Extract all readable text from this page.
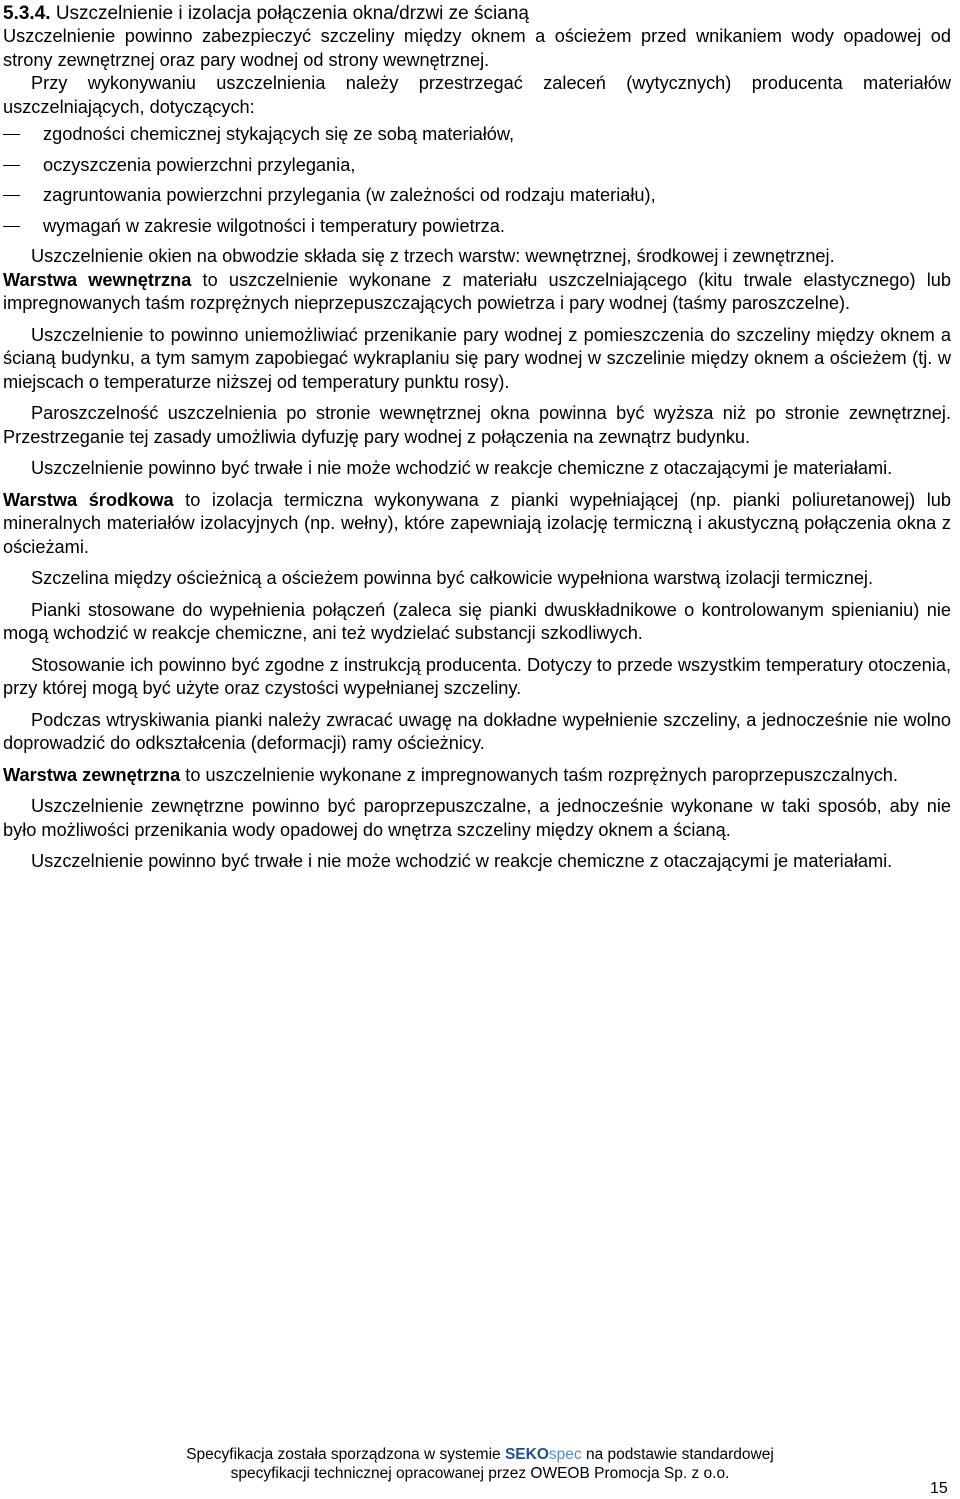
5.3.4. Uszczelnienie i izolacja połączenia okna/drzwi ze ścianą

Uszczelnienie powinno zabezpieczyć szczeliny między oknem a ościeżem przed wnikaniem wody opadowej od strony zewnętrznej oraz pary wodnej od strony wewnętrznej.

Przy wykonywaniu uszczelnienia należy przestrzegać zaleceń (wytycznych) producenta materiałów uszczelniających, dotyczących:

zgodności chemicznej stykających się ze sobą materiałów,
oczyszczenia powierzchni przylegania,
zagruntowania powierzchni przylegania (w zależności od rodzaju materiału),
wymagań w zakresie wilgotności i temperatury powietrza.

Uszczelnienie okien na obwodzie składa się z trzech warstw: wewnętrznej, środkowej i zewnętrznej.

Warstwa wewnętrzna to uszczelnienie wykonane z materiału uszczelniającego (kitu trwale elastycznego) lub impregnowanych taśm rozprężnych nieprzepuszczających powietrza i pary wodnej (taśmy paroszczelne).

Uszczelnienie to powinno uniemożliwiać przenikanie pary wodnej z pomieszczenia do szczeliny między oknem a ścianą budynku, a tym samym zapobiegać wykraplaniu się pary wodnej w szczelinie między oknem a ościeżem (tj. w miejscach o temperaturze niższej od temperatury punktu rosy).

Paroszczelność uszczelnienia po stronie wewnętrznej okna powinna być wyższa niż po stronie zewnętrznej. Przestrzeganie tej zasady umożliwia dyfuzję pary wodnej z połączenia na zewnątrz budynku.

Uszczelnienie powinno być trwałe i nie może wchodzić w reakcje chemiczne z otaczającymi je materiałami.

Warstwa środkowa to izolacja termiczna wykonywana z pianki wypełniającej (np. pianki poliuretanowej) lub mineralnych materiałów izolacyjnych (np. wełny), które zapewniają izolację termiczną i akustyczną połączenia okna z ościeżami.

Szczelina między ościeżnicą a ościeżem powinna być całkowicie wypełniona warstwą izolacji termicznej.

Pianki stosowane do wypełnienia połączeń (zaleca się pianki dwuskładnikowe o kontrolowanym spienianiu) nie mogą wchodzić w reakcje chemiczne, ani też wydzielać substancji szkodliwych.

Stosowanie ich powinno być zgodne z instrukcją producenta. Dotyczy to przede wszystkim temperatury otoczenia, przy której mogą być użyte oraz czystości wypełnianej szczeliny.

Podczas wtryskiwania pianki należy zwracać uwagę na dokładne wypełnienie szczeliny, a jednocześnie nie wolno doprowadzić do odkształcenia (deformacji) ramy ościeżnicy.

Warstwa zewnętrzna to uszczelnienie wykonane z impregnowanych taśm rozprężnych paroprzepuszczalnych.

Uszczelnienie zewnętrzne powinno być paroprzepuszczalne, a jednocześnie wykonane w taki sposób, aby nie było możliwości przenikania wody opadowej do wnętrza szczeliny między oknem a ścianą.

Uszczelnienie powinno być trwałe i nie może wchodzić w reakcje chemiczne z otaczającymi je materiałami.

Specyfikacja została sporządzona w systemie SEKOspec na podstawie standardowej
specyfikacji technicznej opracowanej przez OWEOB Promocja Sp. z o.o.
15
